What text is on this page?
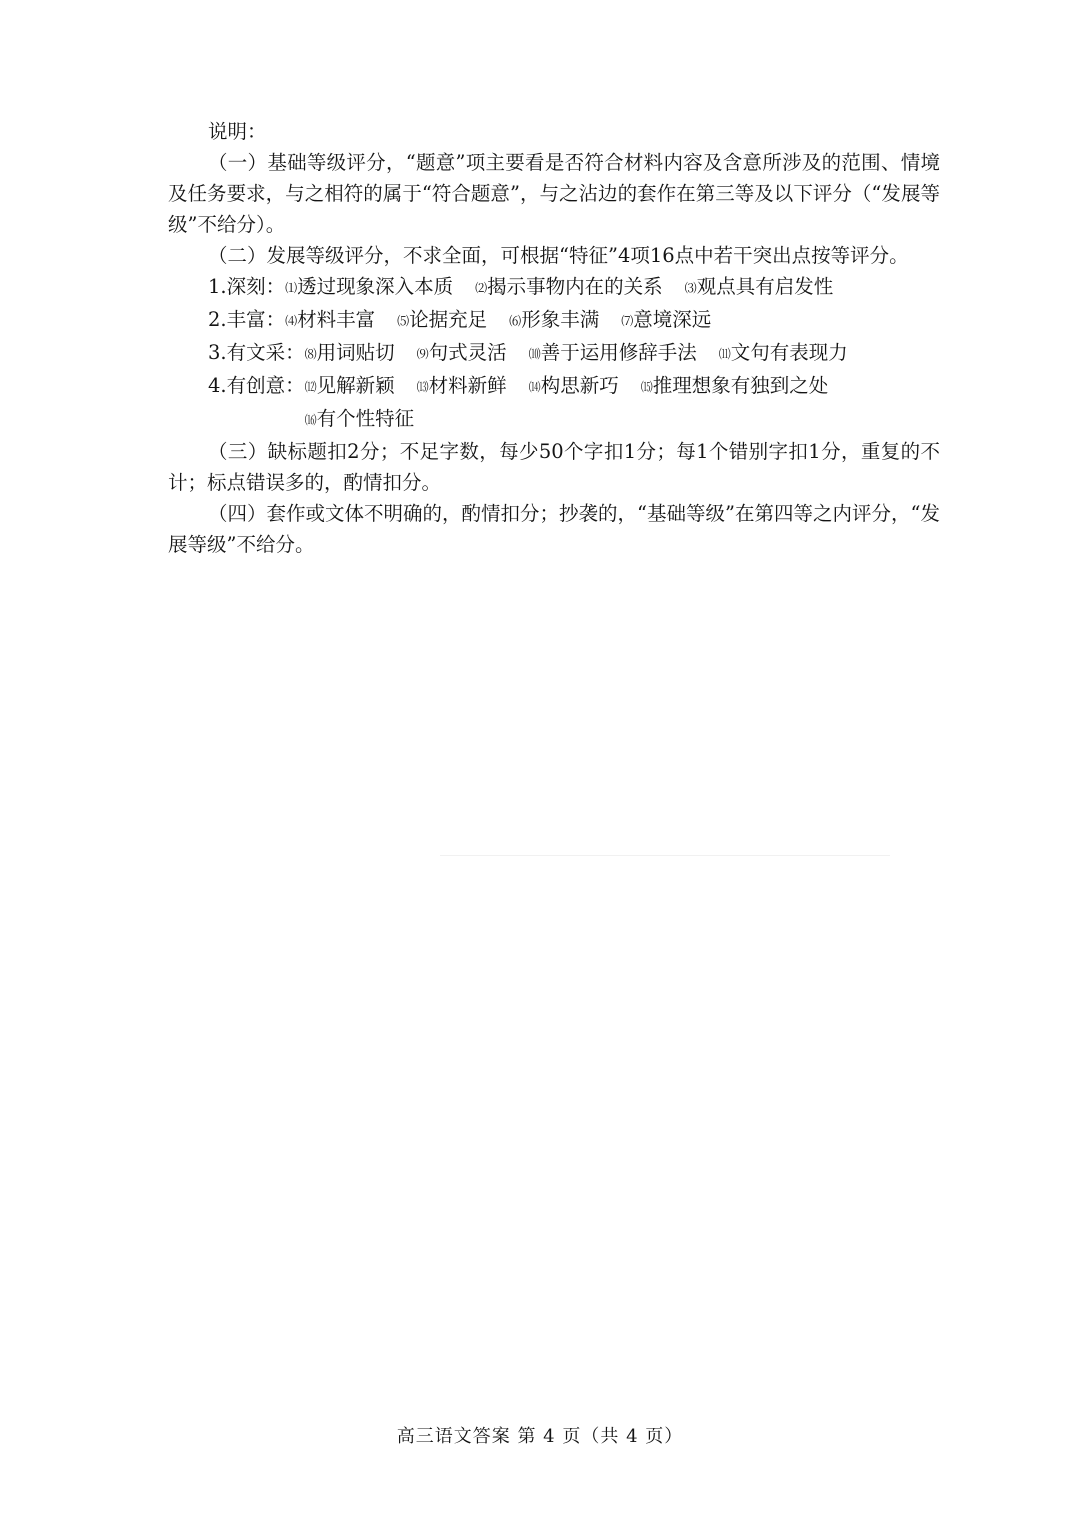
说明：

（一）基础等级评分，“题意”项主要看是否符合材料内容及含意所涉及的范围、情境及任务要求，与之相符的属于“符合题意”，与之沾边的套作在第三等及以下评分（“发展等级”不给分）。

（二）发展等级评分，不求全面，可根据“特征”4项16点中若干突出点按等评分。

1.深刻： ⑴透过现象深入本质 ⑵揭示事物内在的关系 ⑶观点具有启发性
2.丰富： ⑷材料丰富 ⑸论据充足 ⑹形象丰满 ⑺意境深远
3.有文采： ⑻用词贴切 ⑼句式灵活 ⑽善于运用修辞手法 ⑾文句有表现力
4.有创意： ⑿见解新颖 ⒀材料新鲜 ⒁构思新巧 ⒂推理想象有独到之处
⒃有个性特征

（三）缺标题扣2分；不足字数，每少50个字扣1分；每1个错别字扣1分，重复的不计；标点错误多的，酌情扣分。

（四）套作或文体不明确的，酌情扣分；抄袭的，“基础等级”在第四等之内评分，“发展等级”不给分。

高三语文答案 第 4 页（共 4 页）
